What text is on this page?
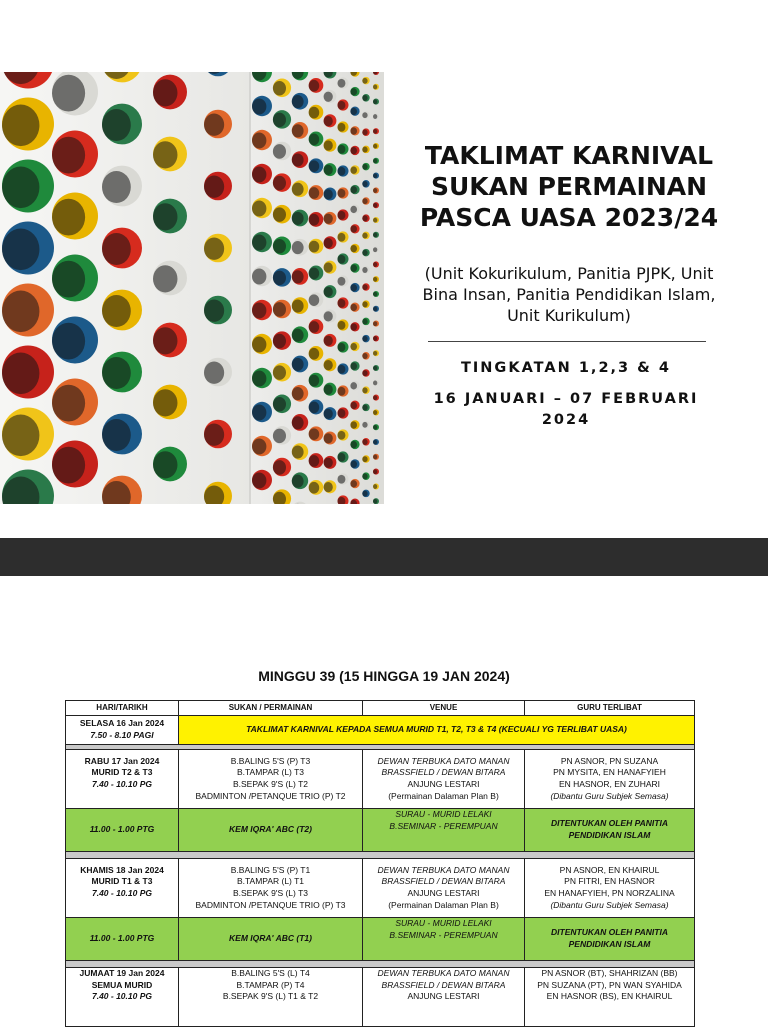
TAKLIMAT KARNIVAL
SUKAN PERMAINAN
PASCA UASA 2023/24
(Unit Kokurikulum, Panitia PJPK, Unit
Bina Insan, Panitia Pendidikan Islam,
Unit Kurikulum)
TINGKATAN 1,2,3 & 4
16 JANUARI – 07 FEBRUARI
2024
MINGGU 39 (15 HINGGA 19 JAN 2024)
HARI/TARIKH	SUKAN / PERMAINAN	VENUE	GURU TERLIBAT

SELASA 16 Jan 2024
7.50 - 8.10 PAGI	TAKLIMAT KARNIVAL KEPADA SEMUA MURID T1, T2, T3 & T4 (KECUALI YG TERLIBAT UASA)		

RABU 17 Jan 2024
MURID T2 & T3
7.40 - 10.10 PG	B.BALING 5'S (P) T3
B.TAMPAR (L) T3
B.SEPAK 9'S (L) T2
BADMINTON /PETANQUE TRIO (P) T2	DEWAN TERBUKA DATO MANAN
BRASSFIELD / DEWAN BITARA
ANJUNG LESTARI
(Permainan Dalaman Plan B)	PN ASNOR, PN SUZANA
PN MYSITA, EN HANAFYIEH
EN HASNOR, EN ZUHARI
(Dibantu Guru Subjek Semasa)

11.00 - 1.00 PTG	KEM IQRA' ABC (T2)	SURAU - MURID LELAKI
B.SEMINAR - PEREMPUAN	DITENTUKAN OLEH PANITIA
PENDIDIKAN ISLAM

KHAMIS 18 Jan 2024
MURID T1 & T3
7.40 - 10.10 PG	B.BALING 5'S (P) T1
B.TAMPAR (L) T1
B.SEPAK 9'S (L) T3
BADMINTON /PETANQUE TRIO (P) T3	DEWAN TERBUKA DATO MANAN
BRASSFIELD / DEWAN BITARA
ANJUNG LESTARI
(Permainan Dalaman Plan B)	PN ASNOR, EN KHAIRUL
PN FITRI, EN HASNOR
EN HANAFYIEH, PN NORZALINA
(Dibantu Guru Subjek Semasa)

11.00 - 1.00 PTG	KEM IQRA' ABC (T1)	SURAU - MURID LELAKI
B.SEMINAR - PEREMPUAN	DITENTUKAN OLEH PANITIA
PENDIDIKAN ISLAM

JUMAAT 19 Jan 2024
SEMUA MURID
7.40 - 10.10 PG	B.BALING 5'S (L) T4
B.TAMPAR (P) T4
B.SEPAK 9'S (L) T1 & T2	DEWAN TERBUKA DATO MANAN
BRASSFIELD / DEWAN BITARA
ANJUNG LESTARI	PN ASNOR (BT), SHAHRIZAN (BB)
PN SUZANA (PT), PN WAN SYAHIDA
EN HASNOR (BS), EN KHAIRUL
